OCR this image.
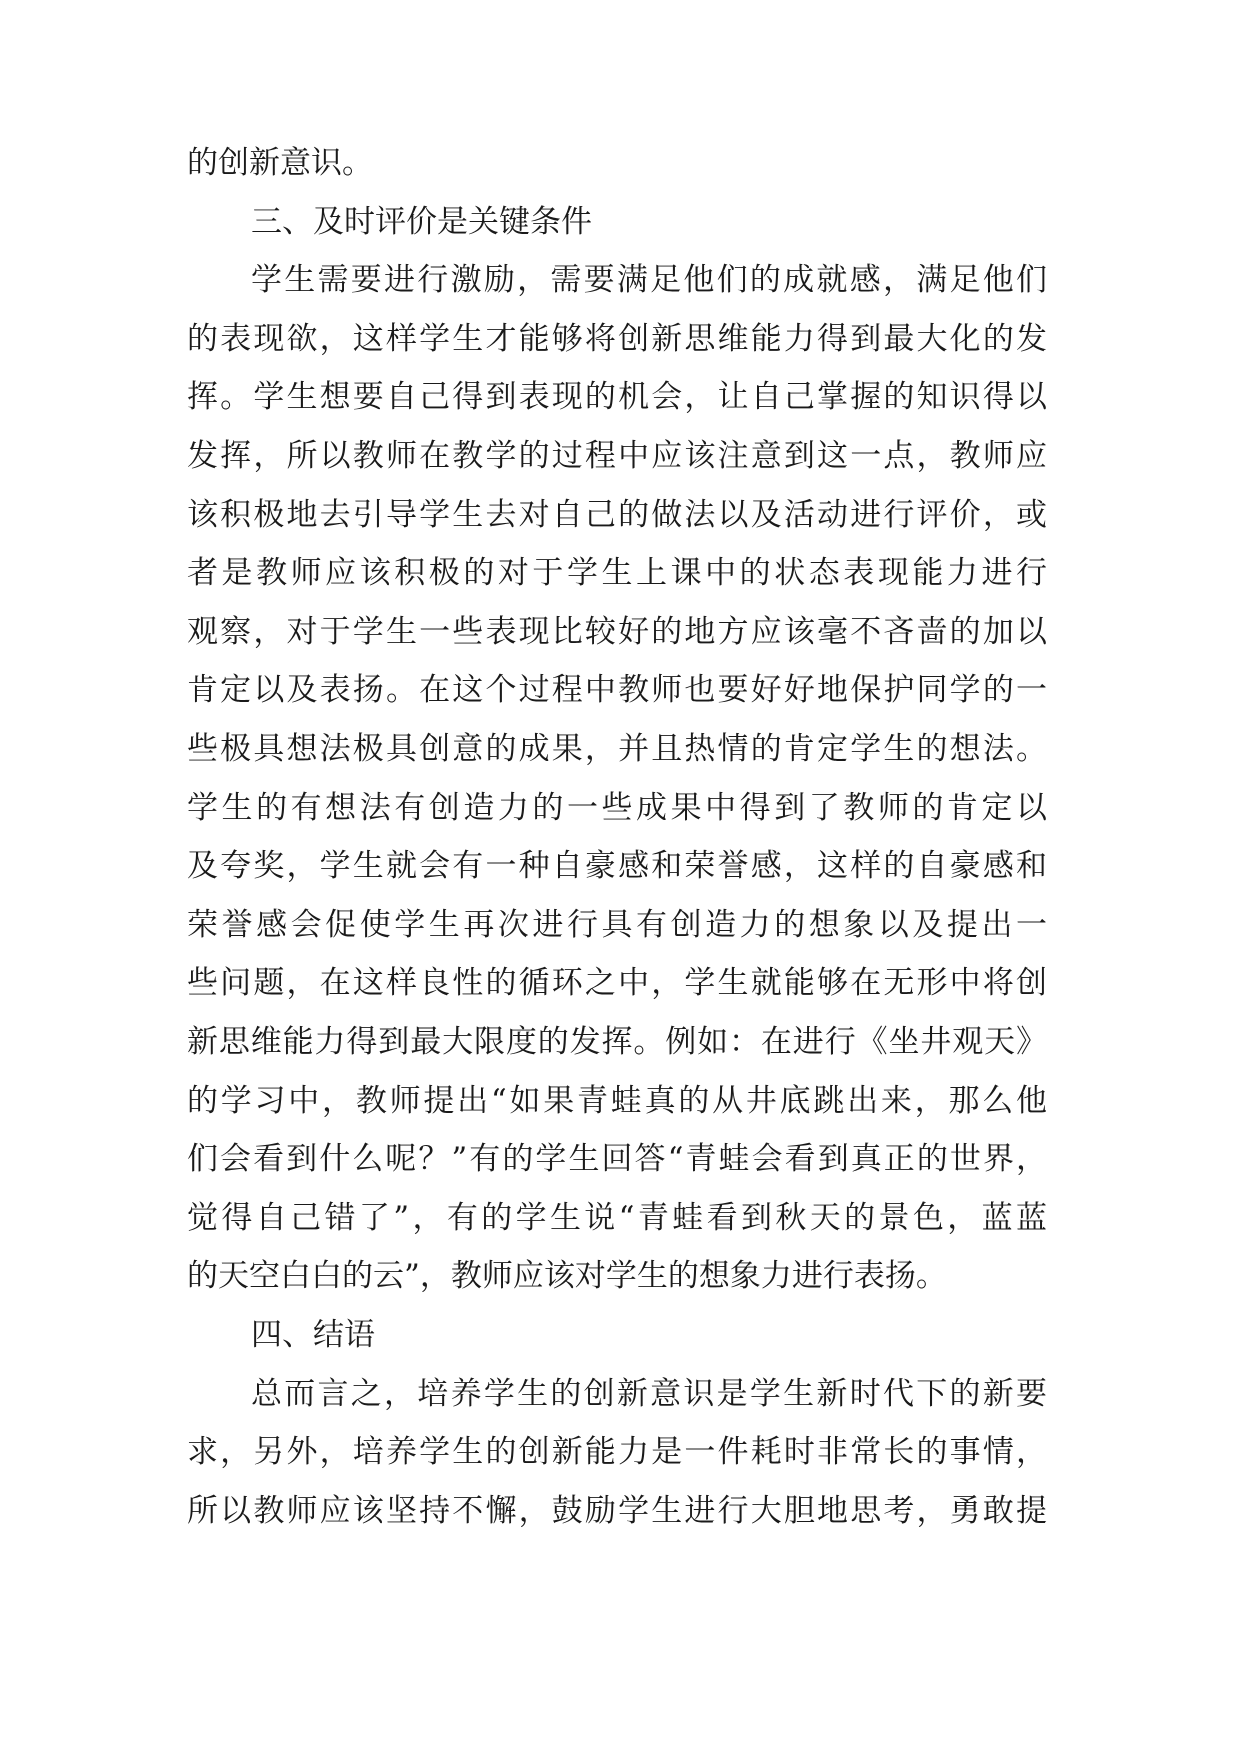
的创新意识。
三、及时评价是关键条件
学生需要进行激励，需要满足他们的成就感，满足他们
的表现欲，这样学生才能够将创新思维能力得到最大化的发
挥。学生想要自己得到表现的机会，让自己掌握的知识得以
发挥，所以教师在教学的过程中应该注意到这一点，教师应
该积极地去引导学生去对自己的做法以及活动进行评价，或
者是教师应该积极的对于学生上课中的状态表现能力进行
观察，对于学生一些表现比较好的地方应该毫不吝啬的加以
肯定以及表扬。在这个过程中教师也要好好地保护同学的一
些极具想法极具创意的成果，并且热情的肯定学生的想法。
学生的有想法有创造力的一些成果中得到了教师的肯定以
及夸奖，学生就会有一种自豪感和荣誉感，这样的自豪感和
荣誉感会促使学生再次进行具有创造力的想象以及提出一
些问题，在这样良性的循环之中，学生就能够在无形中将创
新思维能力得到最大限度的发挥。例如：在进行《坐井观天》
的学习中，教师提出“如果青蛙真的从井底跳出来，那么他
们会看到什么呢？”有的学生回答“青蛙会看到真正的世界，
觉得自己错了”，有的学生说“青蛙看到秋天的景色，蓝蓝
的天空白白的云”，教师应该对学生的想象力进行表扬。
四、结语
总而言之，培养学生的创新意识是学生新时代下的新要
求，另外，培养学生的创新能力是一件耗时非常长的事情，
所以教师应该坚持不懈，鼓励学生进行大胆地思考，勇敢提
